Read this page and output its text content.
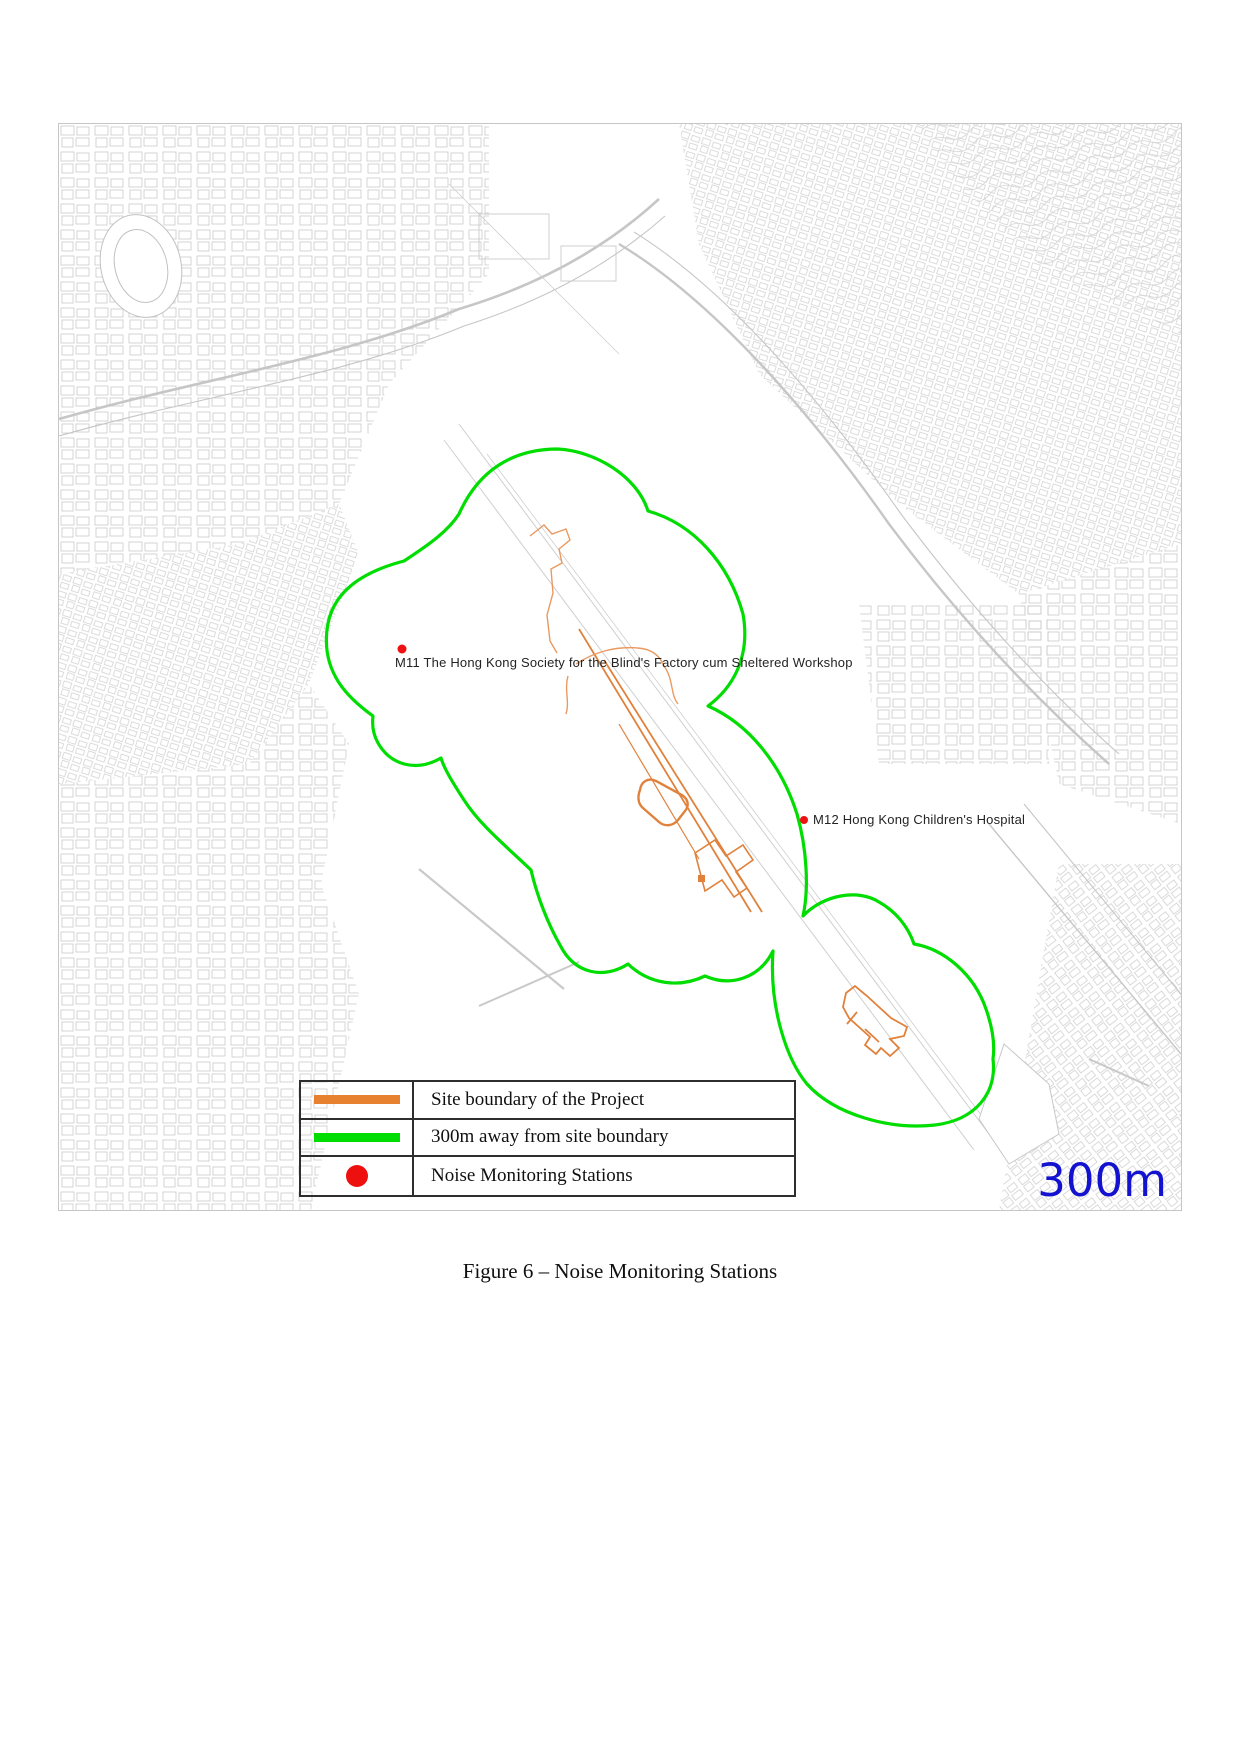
M11 The Hong Kong Society for the Blind's Factory cum Sheltered Workshop
M12 Hong Kong Children's Hospital
Site boundary of the Project
300m away from site boundary
Noise Monitoring Stations	300m
Figure 6 – Noise Monitoring Stations
